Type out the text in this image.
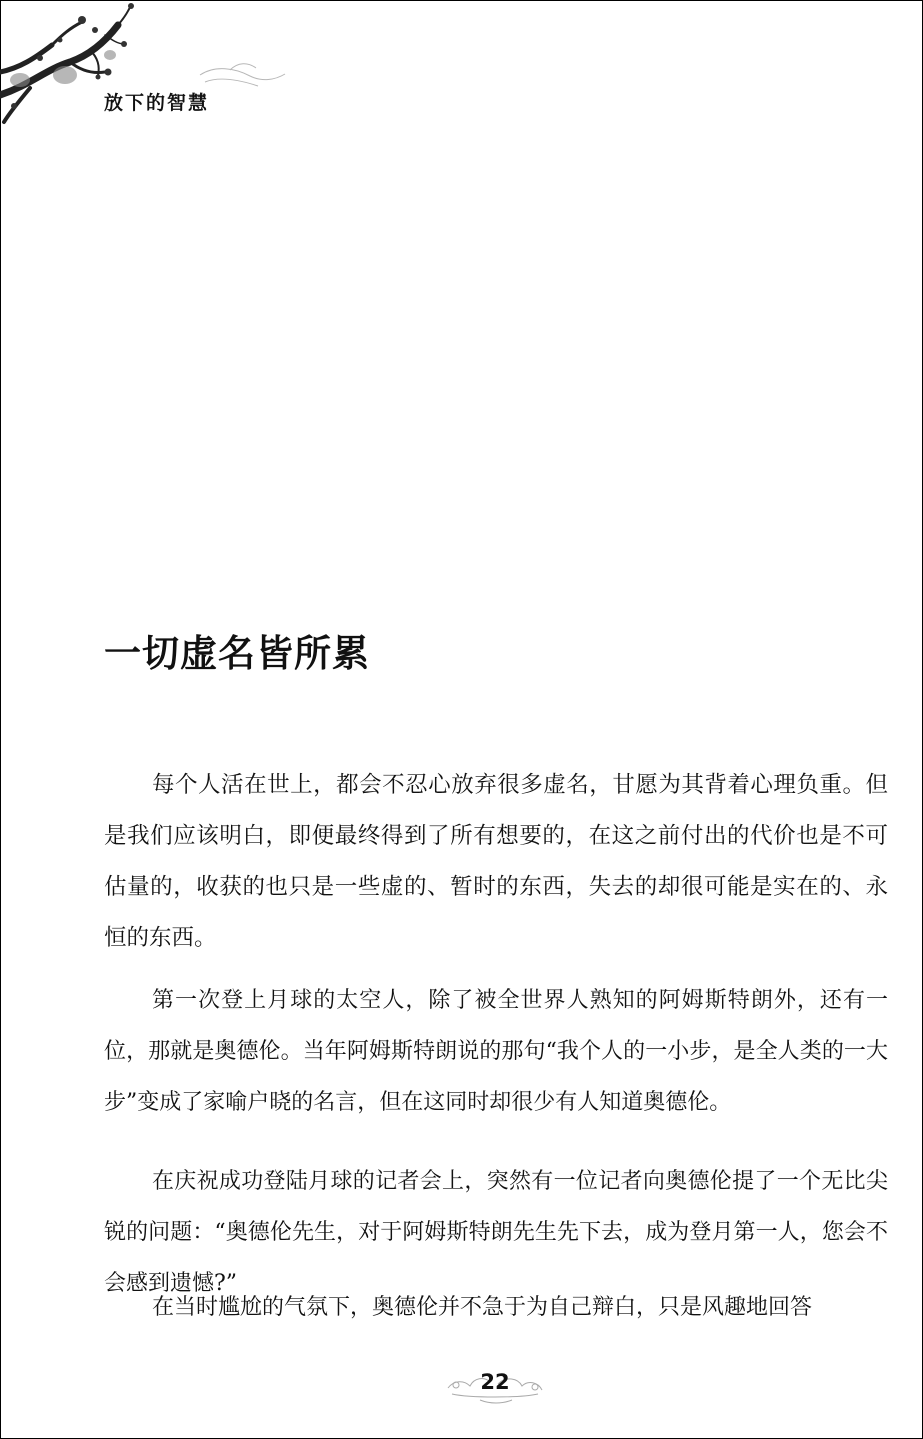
放下的智慧
一切虚名皆所累

每个人活在世上，都会不忍心放弃很多虚名，甘愿为其背着心理负重。但是我们应该明白，即便最终得到了所有想要的，在这之前付出的代价也是不可估量的，收获的也只是一些虚的、暂时的东西，失去的却很可能是实在的、永恒的东西。

第一次登上月球的太空人，除了被全世界人熟知的阿姆斯特朗外，还有一位，那就是奥德伦。当年阿姆斯特朗说的那句“我个人的一小步，是全人类的一大步”变成了家喻户晓的名言，但在这同时却很少有人知道奥德伦。

在庆祝成功登陆月球的记者会上，突然有一位记者向奥德伦提了一个无比尖锐的问题：“奥德伦先生，对于阿姆斯特朗先生先下去，成为登月第一人，您会不会感到遗憾?”

在当时尴尬的气氛下，奥德伦并不急于为自己辩白，只是风趣地回答

22
